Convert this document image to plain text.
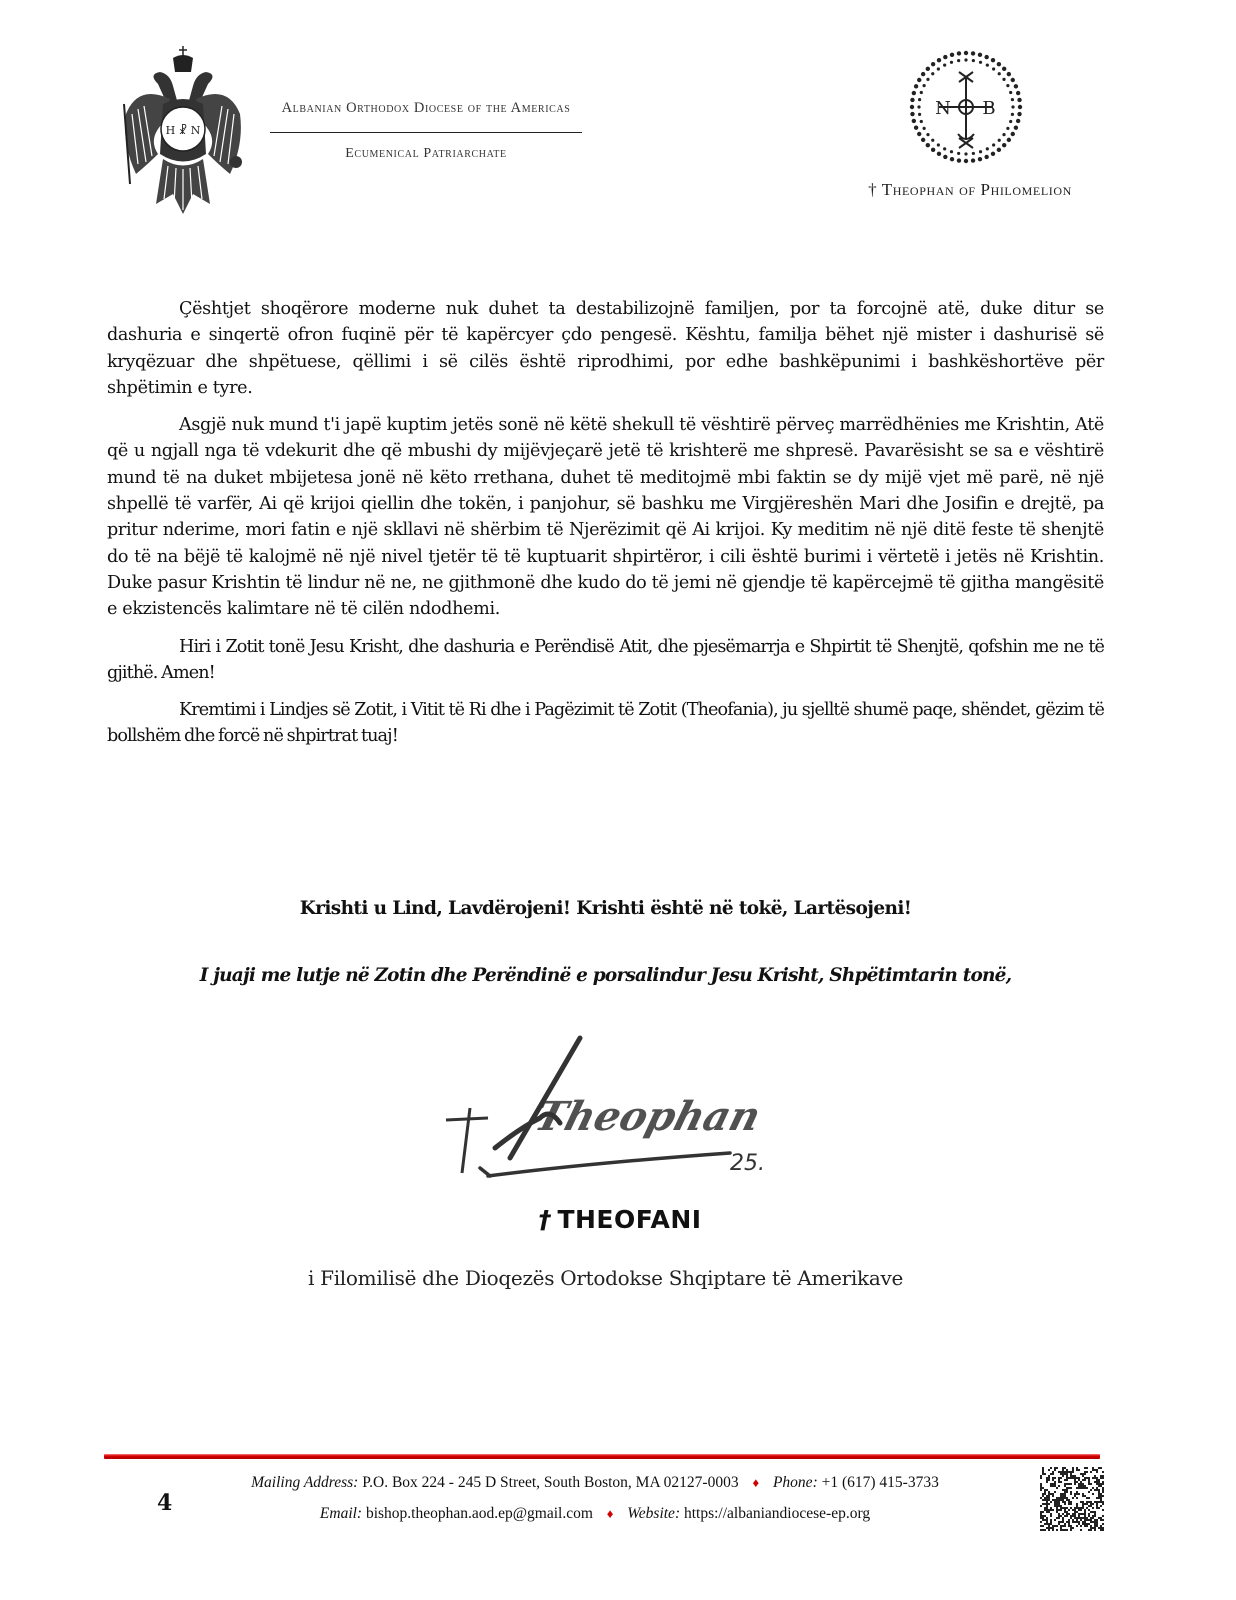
H ☧ N
Albanian Orthodox Diocese of the Americas
Ecumenical Patriarchate
N B
† Theophan of Philomelion

Çështjet shoqërore moderne nuk duhet ta destabilizojnë familjen, por ta forcojnë atë, duke ditur se dashuria e sinqertë ofron fuqinë për të kapërcyer çdo pengesë. Kështu, familja bëhet një mister i dashurisë së kryqëzuar dhe shpëtuese, qëllimi i së cilës është riprodhimi, por edhe bashkëpunimi i bashkëshortëve për shpëtimin e tyre.

Asgjë nuk mund t'i japë kuptim jetës sonë në këtë shekull të vështirë përveç marrëdhënies me Krishtin, Atë që u ngjall nga të vdekurit dhe që mbushi dy mijëvjeçarë jetë të krishterë me shpresë. Pavarësisht se sa e vështirë mund të na duket mbijetesa jonë në këto rrethana, duhet të meditojmë mbi faktin se dy mijë vjet më parë, në një shpellë të varfër, Ai që krijoi qiellin dhe tokën, i panjohur, së bashku me Virgjëreshën Mari dhe Josifin e drejtë, pa pritur nderime, mori fatin e një skllavi në shërbim të Njerëzimit që Ai krijoi. Ky meditim në një ditë feste të shenjtë do të na bëjë të kalojmë në një nivel tjetër të të kuptuarit shpirtëror, i cili është burimi i vërtetë i jetës në Krishtin. Duke pasur Krishtin të lindur në ne, ne gjithmonë dhe kudo do të jemi në gjendje të kapërcejmë të gjitha mangësitë e ekzistencës kalimtare në të cilën ndodhemi.

Hiri i Zotit tonë Jesu Krisht, dhe dashuria e Perëndisë Atit, dhe pjesëmarrja e Shpirtit të Shenjtë, qofshin me ne të gjithë. Amen!

Kremtimi i Lindjes së Zotit, i Vitit të Ri dhe i Pagëzimit të Zotit (Theofania), ju sjelltë shumë paqe, shëndet, gëzim të bollshëm dhe forcë në shpirtrat tuaj!

Krishti u Lind, Lavdërojeni! Krishti është në tokë, Lartësojeni!
I juaji me lutje në Zotin dhe Perëndinë e porsalindur Jesu Krisht, Shpëtimtarin tonë,
Theophan
25.
† THEOFANI
i Filomilisë dhe Dioqezës Ortodokse Shqiptare të Amerikave
Mailing Address: P.O. Box 224 - 245 D Street, South Boston, MA 02127-0003 ♦ Phone: +1 (617) 415-3733
Email: bishop.theophan.aod.ep@gmail.com ♦ Website: https://albaniandiocese-ep.org
4
